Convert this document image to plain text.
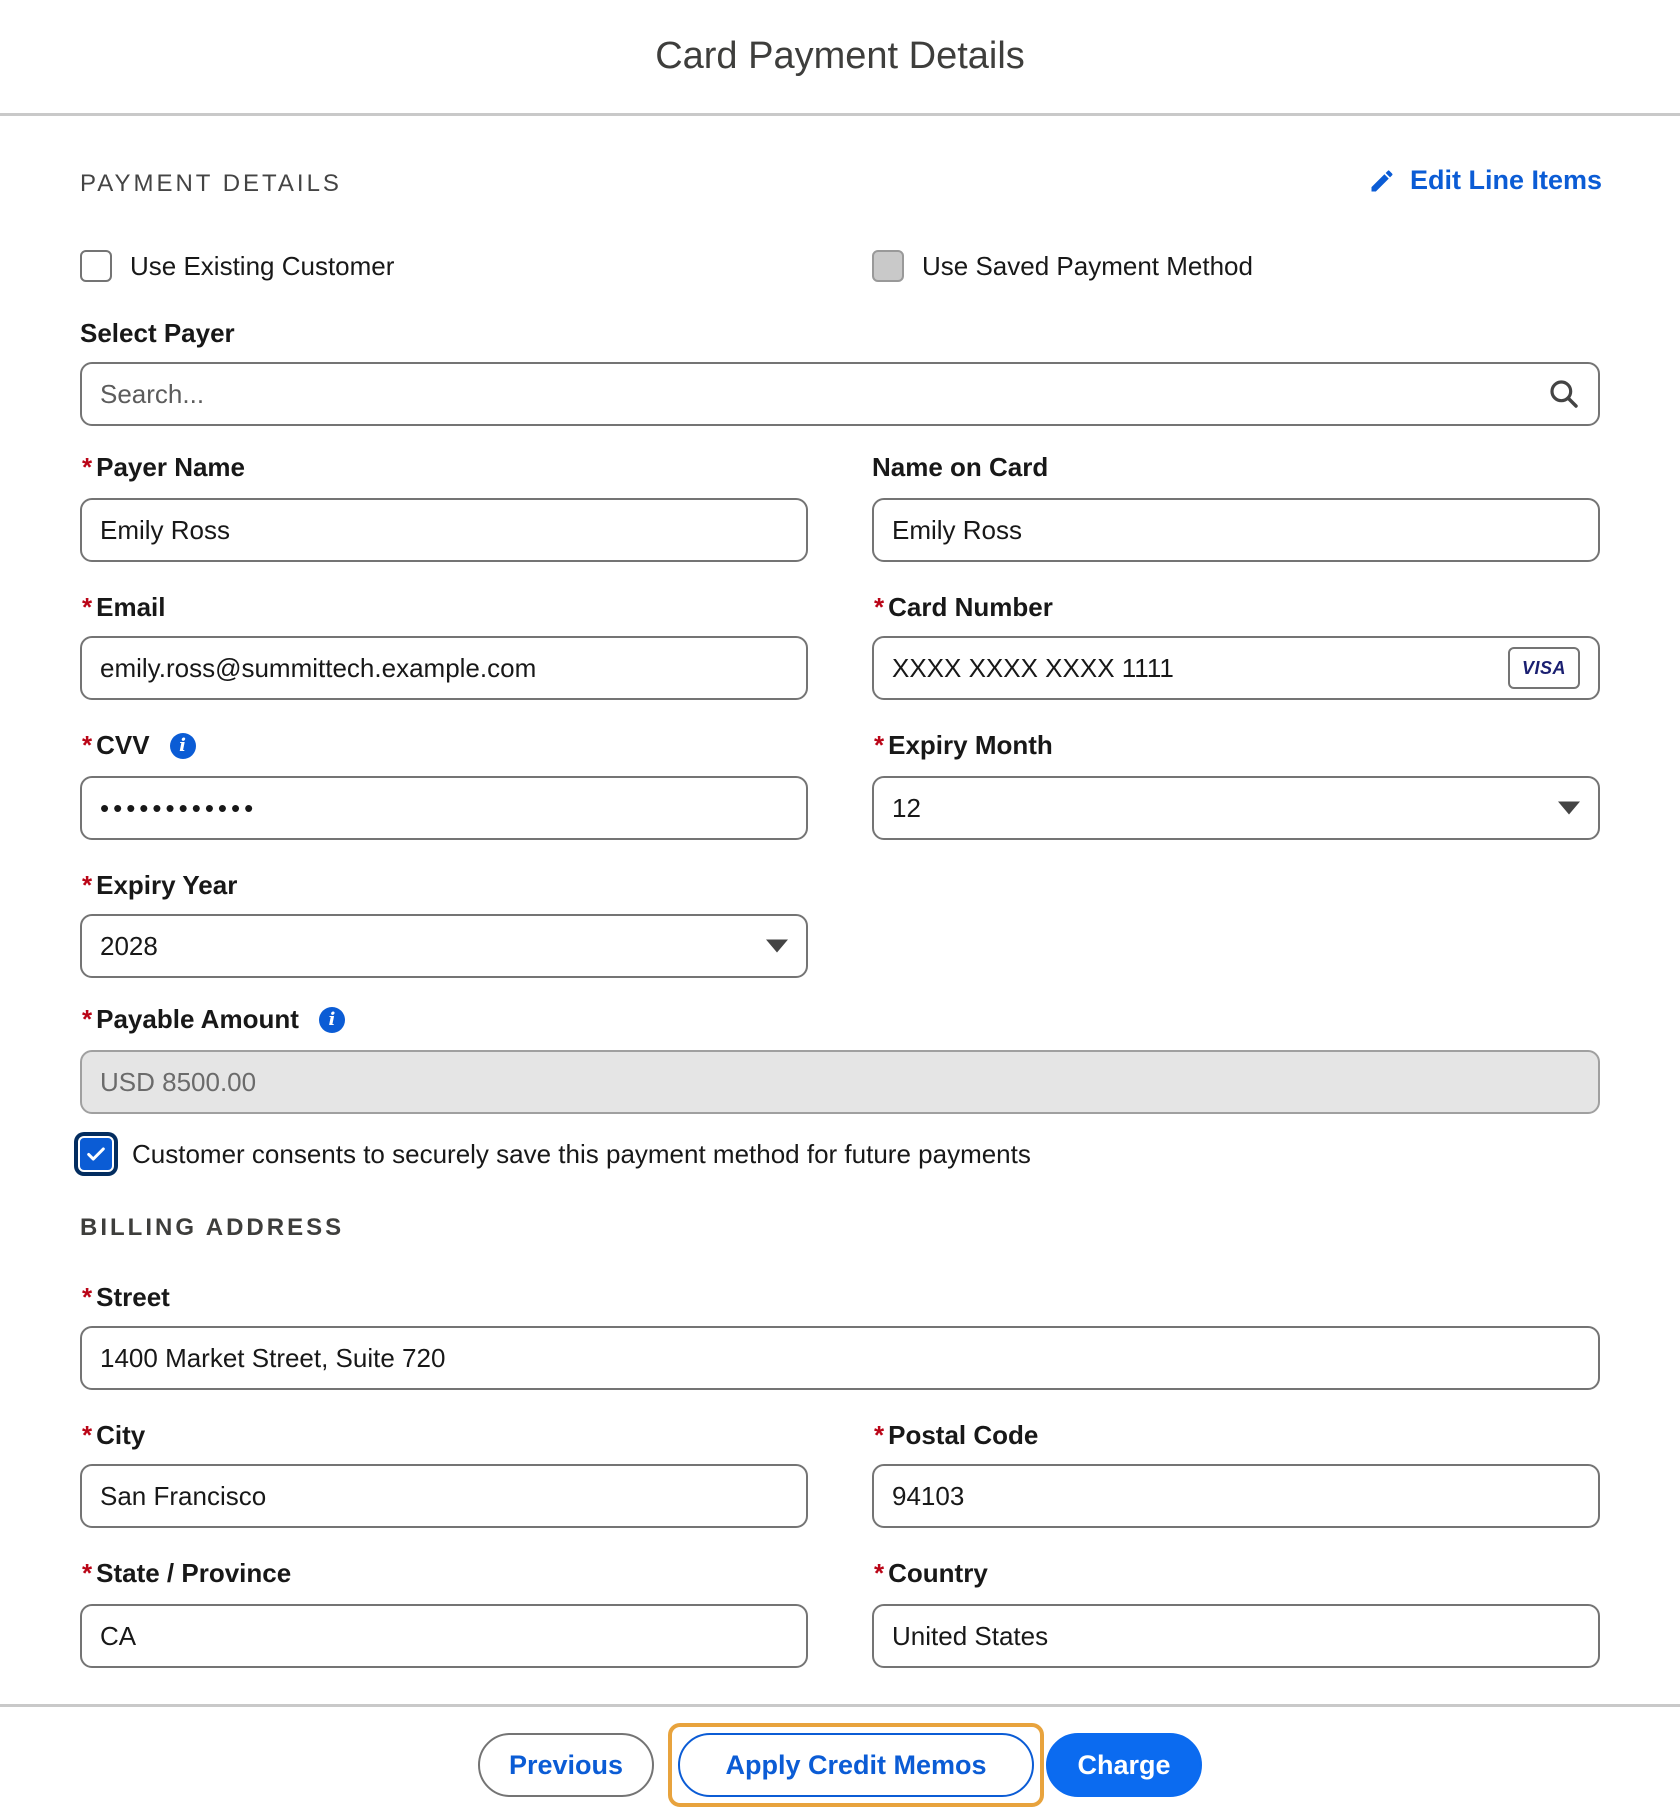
Card Payment Details
PAYMENT DETAILS	Edit Line Items
Use Existing Customer	Use Saved Payment Method
Select Payer
Search...
* Payer Name
Emily Ross
Name on Card
Emily Ross
* Email
emily.ross@summittech.example.com
* Card Number
XXXX XXXX XXXX 1111	VISA
* CVV	i
••••••••••••
* Expiry Month
12
* Expiry Year
2028
* Payable Amount	i
USD 8500.00
Customer consents to securely save this payment method for future payments
BILLING ADDRESS
* Street
1400 Market Street, Suite 720
* City
San Francisco
* Postal Code
94103
* State / Province
CA
* Country
United States
Previous	Apply Credit Memos	Charge
